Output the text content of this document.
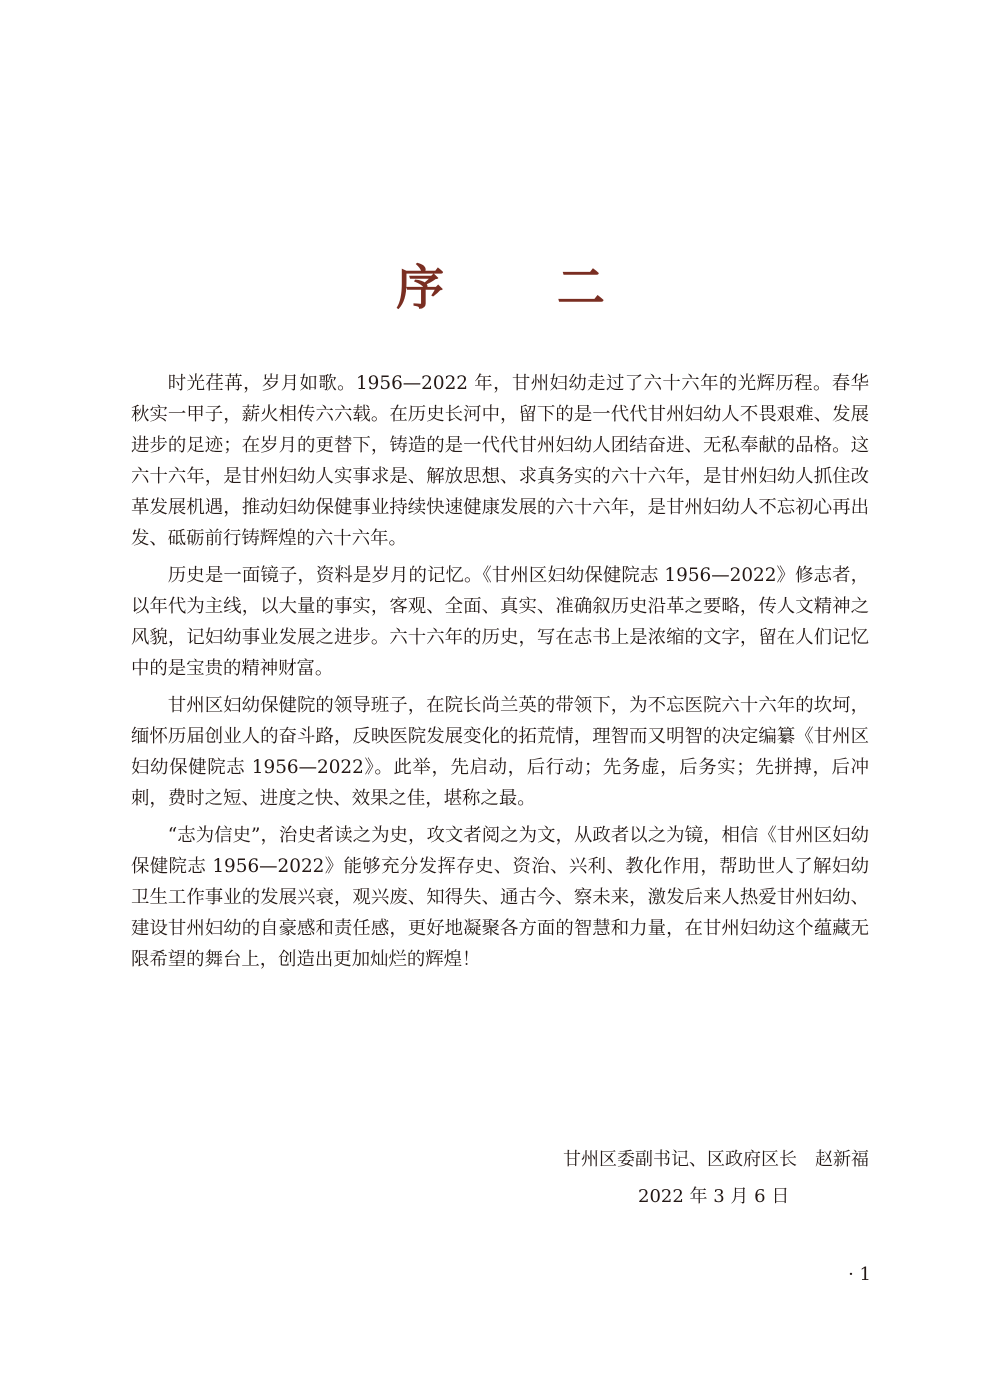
序 二

时光荏苒，岁月如歌。1956—2022 年，甘州妇幼走过了六十六年的光辉历程。春华秋实一甲子，薪火相传六六载。在历史长河中，留下的是一代代甘州妇幼人不畏艰难、发展进步的足迹；在岁月的更替下，铸造的是一代代甘州妇幼人团结奋进、无私奉献的品格。这六十六年，是甘州妇幼人实事求是、解放思想、求真务实的六十六年，是甘州妇幼人抓住改革发展机遇，推动妇幼保健事业持续快速健康发展的六十六年，是甘州妇幼人不忘初心再出发、砥砺前行铸辉煌的六十六年。

历史是一面镜子，资料是岁月的记忆。《甘州区妇幼保健院志 1956—2022》修志者，以年代为主线，以大量的事实，客观、全面、真实、准确叙历史沿革之要略，传人文精神之风貌，记妇幼事业发展之进步。六十六年的历史，写在志书上是浓缩的文字，留在人们记忆中的是宝贵的精神财富。

甘州区妇幼保健院的领导班子，在院长尚兰英的带领下，为不忘医院六十六年的坎坷，缅怀历届创业人的奋斗路，反映医院发展变化的拓荒情，理智而又明智的决定编纂《甘州区妇幼保健院志 1956—2022》。此举，先启动，后行动；先务虚，后务实；先拼搏，后冲刺，费时之短、进度之快、效果之佳，堪称之最。

“志为信史”，治史者读之为史，攻文者阅之为文，从政者以之为镜，相信《甘州区妇幼保健院志 1956—2022》能够充分发挥存史、资治、兴利、教化作用，帮助世人了解妇幼卫生工作事业的发展兴衰，观兴废、知得失、通古今、察未来，激发后来人热爱甘州妇幼、建设甘州妇幼的自豪感和责任感，更好地凝聚各方面的智慧和力量，在甘州妇幼这个蕴藏无限希望的舞台上，创造出更加灿烂的辉煌！

甘州区委副书记、区政府区长　赵新福
2022 年 3 月 6 日
· 1
